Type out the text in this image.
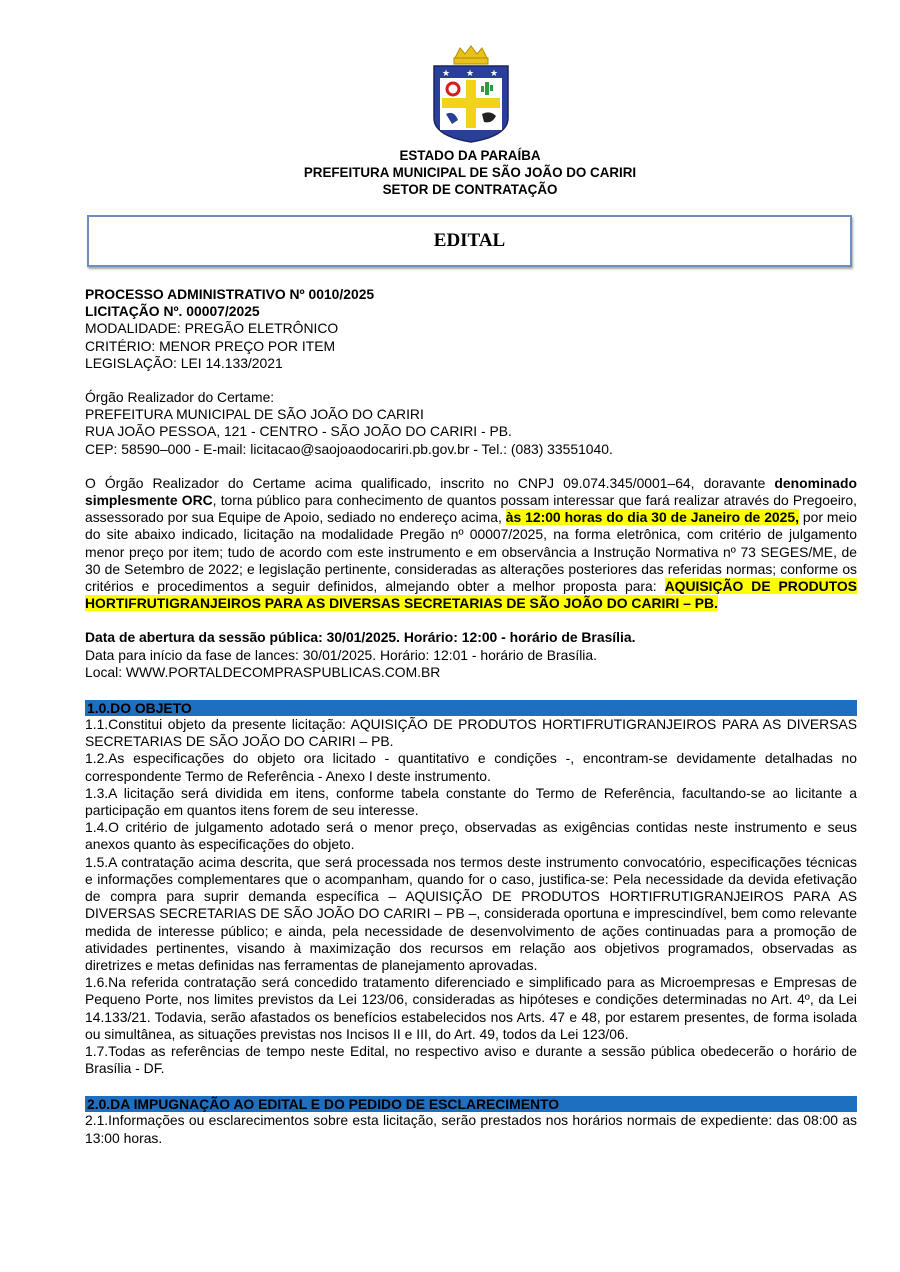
★ ★ ★
ESTADO DA PARAÍBA
PREFEITURA MUNICIPAL DE SÃO JOÃO DO CARIRI
SETOR DE CONTRATAÇÃO
EDITAL

PROCESSO ADMINISTRATIVO Nº 0010/2025

LICITAÇÃO Nº. 00007/2025

MODALIDADE: PREGÃO ELETRÔNICO

CRITÉRIO: MENOR PREÇO POR ITEM

LEGISLAÇÃO: LEI 14.133/2021

Órgão Realizador do Certame:

PREFEITURA MUNICIPAL DE SÃO JOÃO DO CARIRI

RUA JOÃO PESSOA, 121 - CENTRO - SÃO JOÃO DO CARIRI - PB.

CEP: 58590–000 - E-mail: licitacao@saojoaodocariri.pb.gov.br - Tel.: (083) 33551040.

O Órgão Realizador do Certame acima qualificado, inscrito no CNPJ 09.074.345/0001–64, doravante denominado simplesmente ORC, torna público para conhecimento de quantos possam interessar que fará realizar através do Pregoeiro, assessorado por sua Equipe de Apoio, sediado no endereço acima, às 12:00 horas do dia 30 de Janeiro de 2025, por meio do site abaixo indicado, licitação na modalidade Pregão nº 00007/2025, na forma eletrônica, com critério de julgamento menor preço por item; tudo de acordo com este instrumento e em observância a Instrução Normativa nº 73 SEGES/ME, de 30 de Setembro de 2022; e legislação pertinente, consideradas as alterações posteriores das referidas normas; conforme os critérios e procedimentos a seguir definidos, almejando obter a melhor proposta para: AQUISIÇÃO DE PRODUTOS HORTIFRUTIGRANJEIROS PARA AS DIVERSAS SECRETARIAS DE SÃO JOÃO DO CARIRI – PB.

Data de abertura da sessão pública: 30/01/2025. Horário: 12:00 - horário de Brasília.

Data para início da fase de lances: 30/01/2025. Horário: 12:01 - horário de Brasília.

Local: WWW.PORTALDECOMPRASPUBLICAS.COM.BR

1.0.DO OBJETO

1.1.Constitui objeto da presente licitação: AQUISIÇÃO DE PRODUTOS HORTIFRUTIGRANJEIROS PARA AS DIVERSAS SECRETARIAS DE SÃO JOÃO DO CARIRI – PB.

1.2.As especificações do objeto ora licitado - quantitativo e condições -, encontram-se devidamente detalhadas no correspondente Termo de Referência - Anexo I deste instrumento.

1.3.A licitação será dividida em itens, conforme tabela constante do Termo de Referência, facultando-se ao licitante a participação em quantos itens forem de seu interesse.

1.4.O critério de julgamento adotado será o menor preço, observadas as exigências contidas neste instrumento e seus anexos quanto às especificações do objeto.

1.5.A contratação acima descrita, que será processada nos termos deste instrumento convocatório, especificações técnicas e informações complementares que o acompanham, quando for o caso, justifica-se: Pela necessidade da devida efetivação de compra para suprir demanda específica – AQUISIÇÃO DE PRODUTOS HORTIFRUTIGRANJEIROS PARA AS DIVERSAS SECRETARIAS DE SÃO JOÃO DO CARIRI – PB –, considerada oportuna e imprescindível, bem como relevante medida de interesse público; e ainda, pela necessidade de desenvolvimento de ações continuadas para a promoção de atividades pertinentes, visando à maximização dos recursos em relação aos objetivos programados, observadas as diretrizes e metas definidas nas ferramentas de planejamento aprovadas.

1.6.Na referida contratação será concedido tratamento diferenciado e simplificado para as Microempresas e Empresas de Pequeno Porte, nos limites previstos da Lei 123/06, consideradas as hipóteses e condições determinadas no Art. 4º, da Lei 14.133/21. Todavia, serão afastados os benefícios estabelecidos nos Arts. 47 e 48, por estarem presentes, de forma isolada ou simultânea, as situações previstas nos Incisos II e III, do Art. 49, todos da Lei 123/06.

1.7.Todas as referências de tempo neste Edital, no respectivo aviso e durante a sessão pública obedecerão o horário de Brasília - DF.

2.0.DA IMPUGNAÇÃO AO EDITAL E DO PEDIDO DE ESCLARECIMENTO

2.1.Informações ou esclarecimentos sobre esta licitação, serão prestados nos horários normais de expediente: das 08:00 as 13:00 horas.
